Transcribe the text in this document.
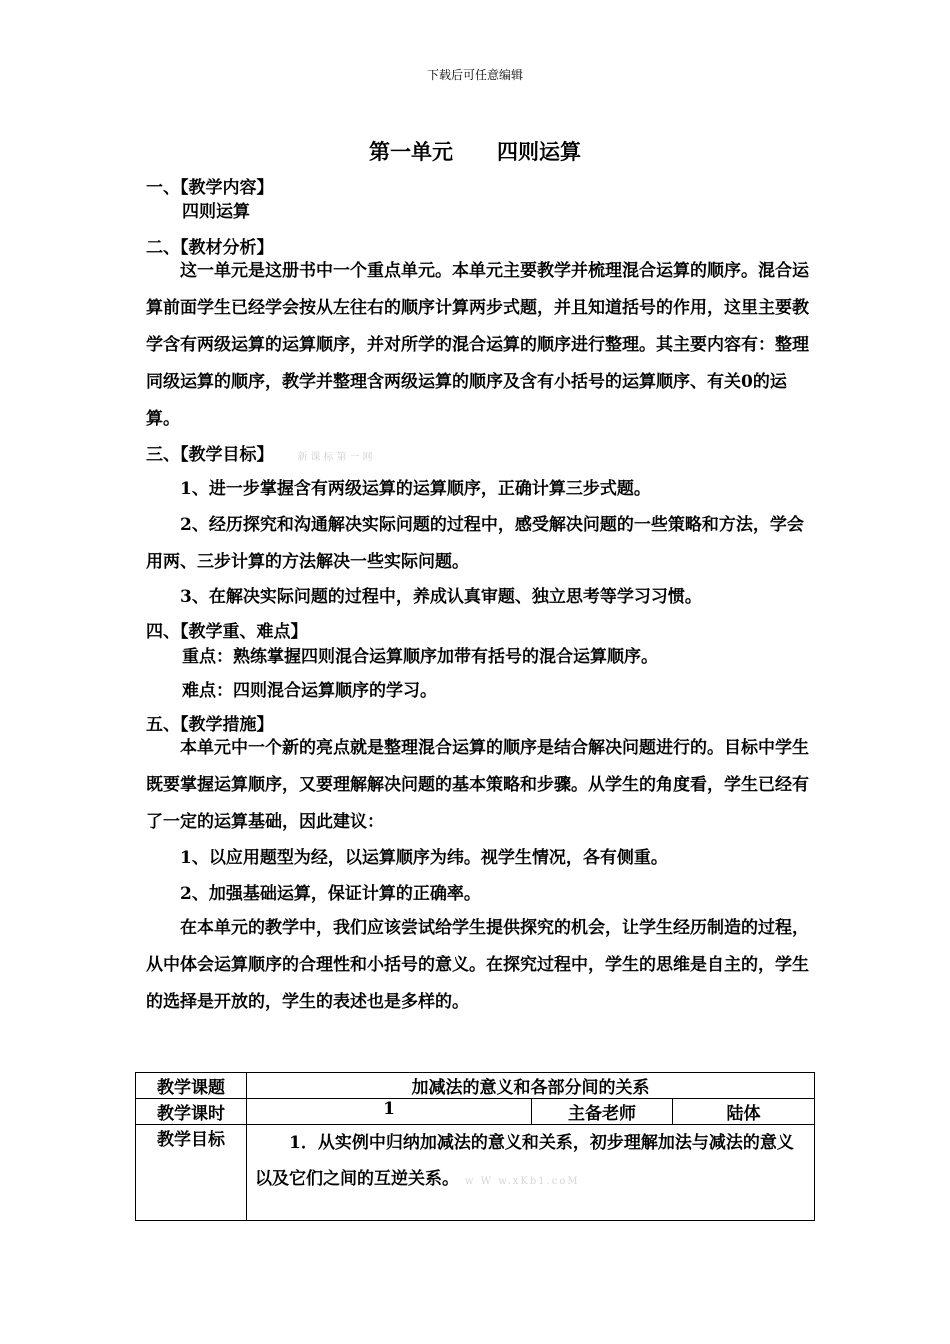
下载后可任意编辑
第一单元 四则运算
一、【教学内容】
四则运算
二、【教材分析】
这一单元是这册书中一个重点单元。本单元主要教学并梳理混合运算的顺序。混合运算前面学生已经学会按从左往右的顺序计算两步式题，并且知道括号的作用，这里主要教学含有两级运算的运算顺序，并对所学的混合运算的顺序进行整理。其主要内容有：整理同级运算的顺序，教学并整理含两级运算的顺序及含有小括号的运算顺序、有关0的运算。
三、【教学目标】 新课标第一网
1、进一步掌握含有两级运算的运算顺序，正确计算三步式题。
2、经历探究和沟通解决实际问题的过程中，感受解决问题的一些策略和方法，学会用两、三步计算的方法解决一些实际问题。
3、在解决实际问题的过程中，养成认真审题、独立思考等学习习惯。
四、【教学重、难点】
重点：熟练掌握四则混合运算顺序加带有括号的混合运算顺序。
难点：四则混合运算顺序的学习。
五、【教学措施】
本单元中一个新的亮点就是整理混合运算的顺序是结合解决问题进行的。目标中学生既要掌握运算顺序，又要理解解决问题的基本策略和步骤。从学生的角度看，学生已经有了一定的运算基础，因此建议：
1、以应用题型为经，以运算顺序为纬。视学生情况，各有侧重。
2、加强基础运算，保证计算的正确率。
在本单元的教学中，我们应该尝试给学生提供探究的机会，让学生经历制造的过程，从中体会运算顺序的合理性和小括号的意义。在探究过程中，学生的思维是自主的，学生的选择是开放的，学生的表述也是多样的。
教学课题	加减法的意义和各部分间的关系		
教学课时	1	主备老师	陆体
教学目标	1．从实例中归纳加减法的意义和关系，初步理解加法与减法的意义以及它们之间的互逆关系。 w W w.xKb1.coM		
